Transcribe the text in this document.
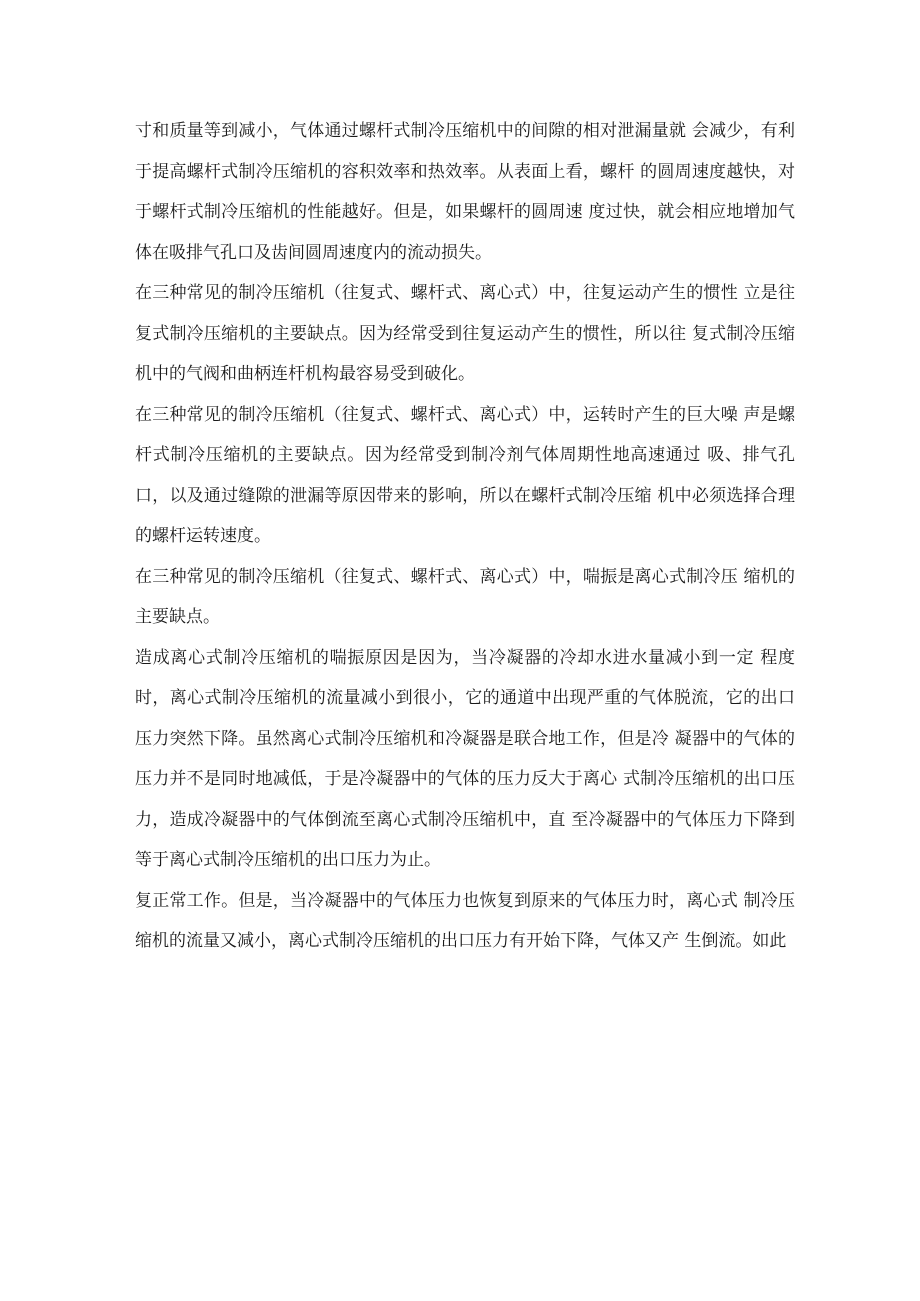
寸和质量等到减小，气体通过螺杆式制冷压缩机中的间隙的相对泄漏量就 会减少，有利于提高螺杆式制冷压缩机的容积效率和热效率。从表面上看，螺杆 的圆周速度越快，对于螺杆式制冷压缩机的性能越好。但是，如果螺杆的圆周速 度过快，就会相应地增加气体在吸排气孔口及齿间圆周速度内的流动损失。

在三种常见的制冷压缩机（往复式、螺杆式、离心式）中，往复运动产生的惯性 立是往复式制冷压缩机的主要缺点。因为经常受到往复运动产生的惯性，所以往 复式制冷压缩机中的气阀和曲柄连杆机构最容易受到破化。

在三种常见的制冷压缩机（往复式、螺杆式、离心式）中，运转时产生的巨大噪 声是螺杆式制冷压缩机的主要缺点。因为经常受到制冷剂气体周期性地高速通过 吸、排气孔口，以及通过缝隙的泄漏等原因带来的影响，所以在螺杆式制冷压缩 机中必须选择合理的螺杆运转速度。

在三种常见的制冷压缩机（往复式、螺杆式、离心式）中，喘振是离心式制冷压 缩机的主要缺点。

造成离心式制冷压缩机的喘振原因是因为，当冷凝器的冷却水进水量减小到一定 程度时，离心式制冷压缩机的流量减小到很小，它的通道中出现严重的气体脱流，它的出口压力突然下降。虽然离心式制冷压缩机和冷凝器是联合地工作，但是冷 凝器中的气体的压力并不是同时地减低，于是冷凝器中的气体的压力反大于离心 式制冷压缩机的出口压力，造成冷凝器中的气体倒流至离心式制冷压缩机中，直 至冷凝器中的气体压力下降到等于离心式制冷压缩机的出口压力为止。

复正常工作。但是，当冷凝器中的气体压力也恢复到原来的气体压力时，离心式 制冷压缩机的流量又减小，离心式制冷压缩机的出口压力有开始下降，气体又产 生倒流。如此
